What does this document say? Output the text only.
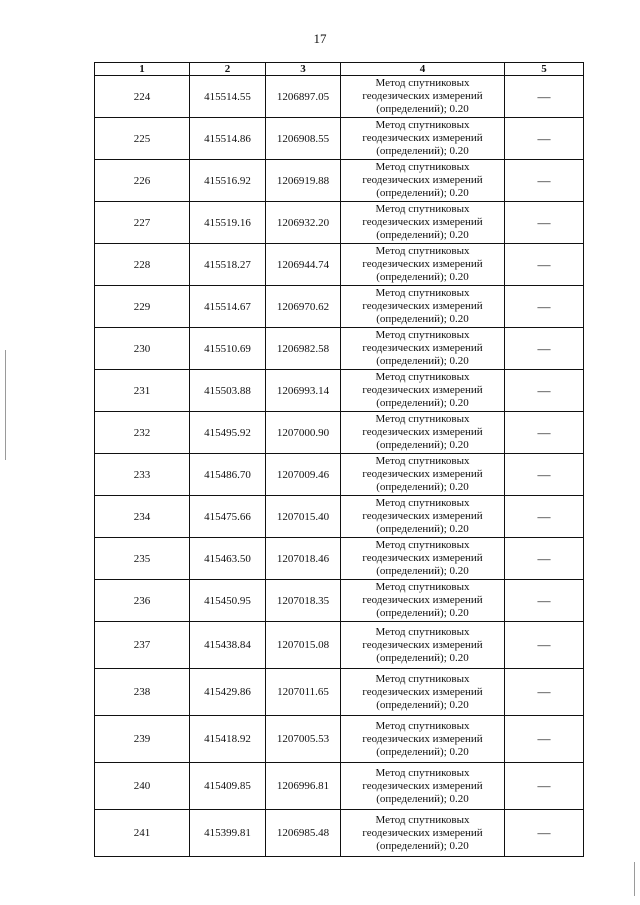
17
1	2	3	4	5
224	415514.55	1206897.05	Метод спутниковых
геодезических измерений
(определений); 0.20	—
225	415514.86	1206908.55	Метод спутниковых
геодезических измерений
(определений); 0.20	—
226	415516.92	1206919.88	Метод спутниковых
геодезических измерений
(определений); 0.20	—
227	415519.16	1206932.20	Метод спутниковых
геодезических измерений
(определений); 0.20	—
228	415518.27	1206944.74	Метод спутниковых
геодезических измерений
(определений); 0.20	—
229	415514.67	1206970.62	Метод спутниковых
геодезических измерений
(определений); 0.20	—
230	415510.69	1206982.58	Метод спутниковых
геодезических измерений
(определений); 0.20	—
231	415503.88	1206993.14	Метод спутниковых
геодезических измерений
(определений); 0.20	—
232	415495.92	1207000.90	Метод спутниковых
геодезических измерений
(определений); 0.20	—
233	415486.70	1207009.46	Метод спутниковых
геодезических измерений
(определений); 0.20	—
234	415475.66	1207015.40	Метод спутниковых
геодезических измерений
(определений); 0.20	—
235	415463.50	1207018.46	Метод спутниковых
геодезических измерений
(определений); 0.20	—
236	415450.95	1207018.35	Метод спутниковых
геодезических измерений
(определений); 0.20	—
237	415438.84	1207015.08	Метод спутниковых
геодезических измерений
(определений); 0.20	—
238	415429.86	1207011.65	Метод спутниковых
геодезических измерений
(определений); 0.20	—
239	415418.92	1207005.53	Метод спутниковых
геодезических измерений
(определений); 0.20	—
240	415409.85	1206996.81	Метод спутниковых
геодезических измерений
(определений); 0.20	—
241	415399.81	1206985.48	Метод спутниковых
геодезических измерений
(определений); 0.20	—
